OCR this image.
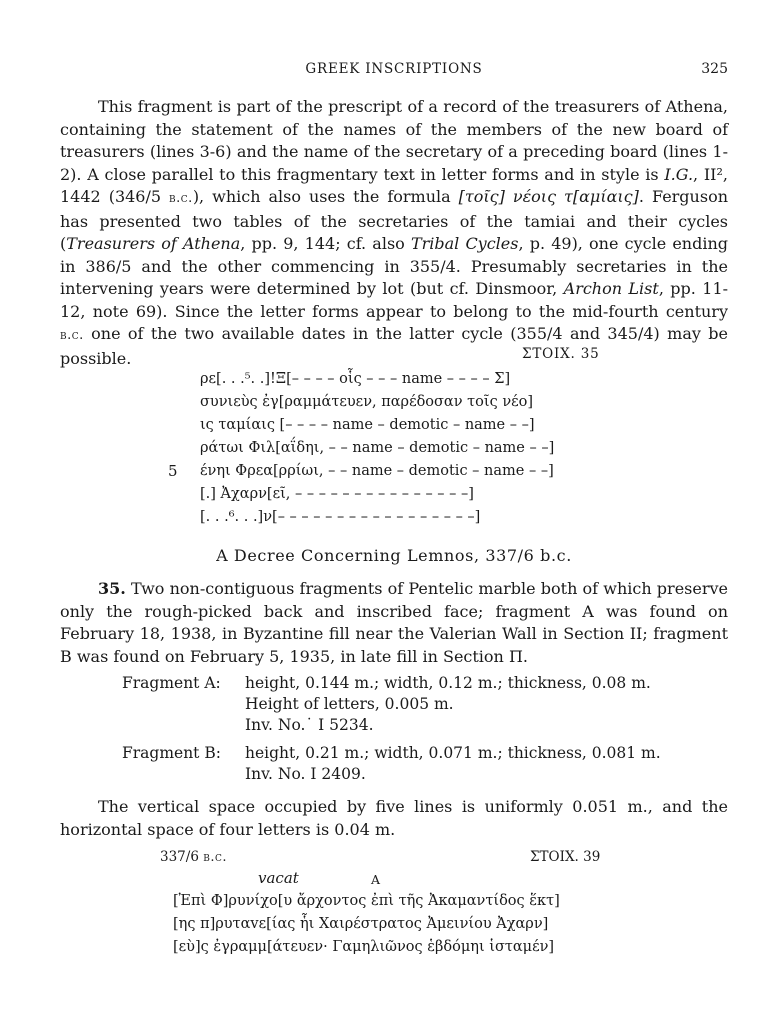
GREEK INSCRIPTIONS	325

This fragment is part of the prescript of a record of the treasurers of Athena, containing the statement of the names of the members of the new board of treasurers (lines 3-6) and the name of the secretary of a preceding board (lines 1-2). A close parallel to this fragmentary text in letter forms and in style is I.G., II², 1442 (346/5 b.c.), which also uses the formula [τοῖς] νέοις τ[αμίαις]. Ferguson has presented two tables of the secretaries of the tamiai and their cycles (Treasurers of Athena, pp. 9, 144; cf. also Tribal Cycles, p. 49), one cycle ending in 386/5 and the other commencing in 355/4. Presumably secretaries in the intervening years were determined by lot (but cf. Dinsmoor, Archon List, pp. 11-12, note 69). Since the letter forms appear to belong to the mid-fourth century b.c. one of the two available dates in the latter cycle (355/4 and 345/4) may be possible.	ΣΤΟΙΧ. 35
ρε[. . .⁵. .]!Ξ[– – – – οἷς – – – name – – – – Σ]
συνιεὺς ἐγ[ραμμάτευεν, παρέδοσαν τοῖς νέο]
ις ταμίαις [– – – – name – demotic – name – –]
ράτωι Φιλ[αΐδηι, – – name – demotic – name – –]
5 ένηι Φρεα[ρρίωι, – – name – demotic – name – –]
[.] Ἀχαρν[εῖ, – – – – – – – – – – – – – – –]
[. . .⁶. . .]ν[– – – – – – – – – – – – – – – – –]
A Decree Concerning Lemnos, 337/6 b.c.

35. Two non-contiguous fragments of Pentelic marble both of which preserve only the rough-picked back and inscribed face; fragment A was found on February 18, 1938, in Byzantine fill near the Valerian Wall in Section ΙΙ; fragment B was found on February 5, 1935, in late fill in Section Π.

Fragment A: height, 0.144 m.; width, 0.12 m.; thickness, 0.08 m.
Height of letters, 0.005 m.
Inv. No.˙ I 5234.
Fragment B: height, 0.21 m.; width, 0.071 m.; thickness, 0.081 m.
Inv. No. I 2409.

The vertical space occupied by five lines is uniformly 0.051 m., and the horizontal space of four letters is 0.04 m.

337/6 b.c.	ΣΤΟΙΧ. 39
vacat	A
[Ἐπὶ Φ]ρυνίχο[υ ἄρχοντος ἐπὶ τῆς Ἀκαμαντίδος ἕκτ]
[ης π]ρυταvε[ίας ἧι Χαιρέστρατος Ἀμεινίου Ἀχαρν]
[εὺ]ς ἐγραμμ[άτευεν· Γαμηλιῶνος ἑβδόμηι ἱσταμέν]
